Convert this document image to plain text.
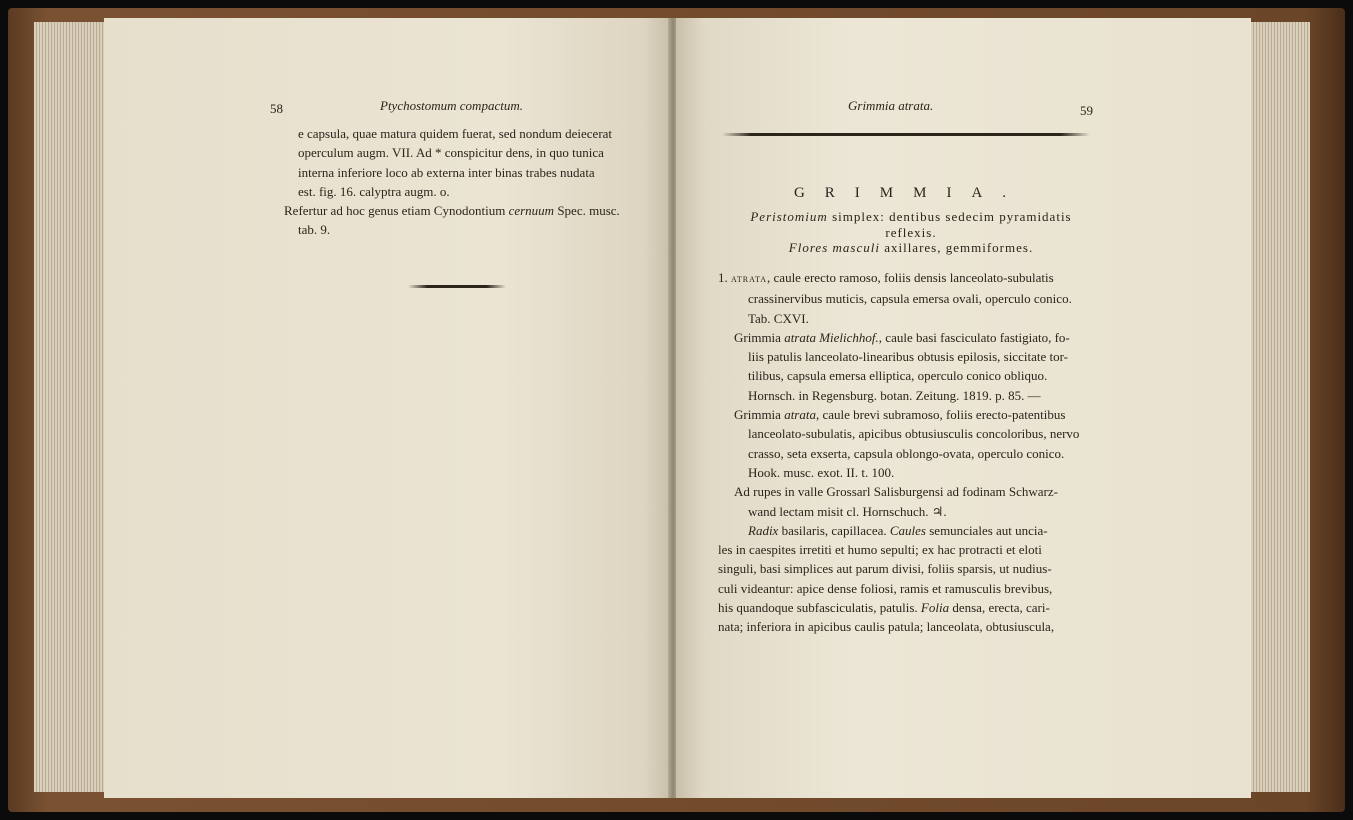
58	Ptychostomum compactum.

e capsula, quae matura quidem fuerat, sed nondum deiecerat

operculum augm. VII. Ad * conspicitur dens, in quo tunica

interna inferiore loco ab externa inter binas trabes nudata

est. fig. 16. calyptra augm. o.

Refertur ad hoc genus etiam Cynodontium cernuum Spec. musc.

tab. 9.

Grimmia atrata.	59
GRIMMIA.
Peristomium simplex: dentibus sedecim pyramidatis
reflexis.
Flores masculi axillares, gemmiformes.

1. atrata, caule erecto ramoso, foliis densis lanceolato-subulatis

crassinervibus muticis, capsula emersa ovali, operculo conico.

Tab. CXVI.

Grimmia atrata Mielichhof., caule basi fasciculato fastigiato, fo-

liis patulis lanceolato-linearibus obtusis epilosis, siccitate tor-

tilibus, capsula emersa elliptica, operculo conico obliquo.

Hornsch. in Regensburg. botan. Zeitung. 1819. p. 85. —

Grimmia atrata, caule brevi subramoso, foliis erecto-patentibus

lanceolato-subulatis, apicibus obtusiusculis concoloribus, nervo

crasso, seta exserta, capsula oblongo-ovata, operculo conico.

Hook. musc. exot. II. t. 100.

Ad rupes in valle Grossarl Salisburgensi ad fodinam Schwarz-

wand lectam misit cl. Hornschuch. ♃.

Radix basilaris, capillacea. Caules semunciales aut uncia-

les in caespites irretiti et humo sepulti; ex hac protracti et eloti

singuli, basi simplices aut parum divisi, foliis sparsis, ut nudius-

culi videantur: apice dense foliosi, ramis et ramusculis brevibus,

his quandoque subfasciculatis, patulis. Folia densa, erecta, cari-

nata; inferiora in apicibus caulis patula; lanceolata, obtusiuscula,
